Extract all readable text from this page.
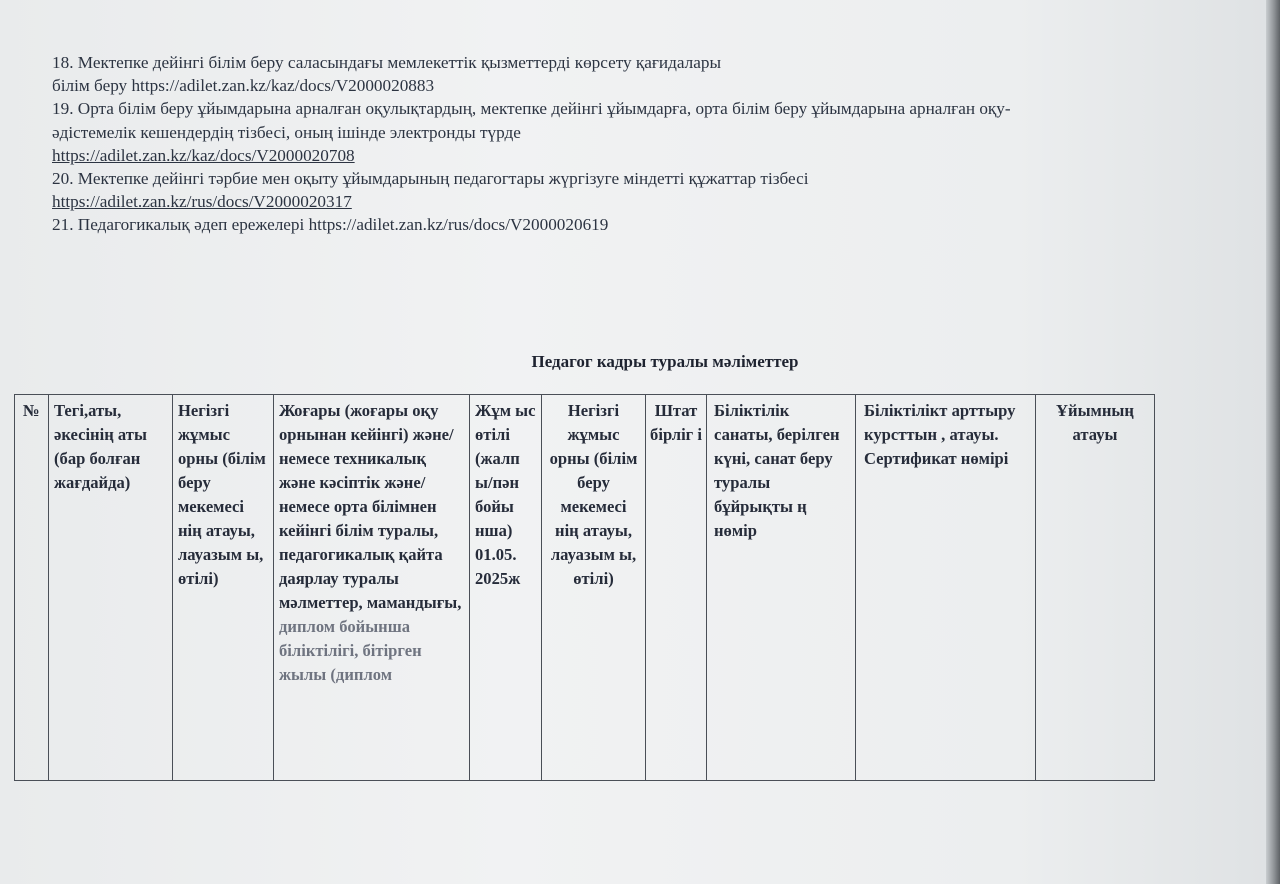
18. Мектепке дейінгі білім беру саласындағы мемлекеттік қызметтерді көрсету қағидалары
білім беру https://adilet.zan.kz/kaz/docs/V2000020883
19. Орта білім беру ұйымдарына арналған оқулықтардың, мектепке дейінгі ұйымдарға, орта білім беру ұйымдарына арналған оқу-
әдістемелік кешендердің тізбесі, оның ішінде электронды түрде
https://adilet.zan.kz/kaz/docs/V2000020708
20. Мектепке дейінгі тәрбие мен оқыту ұйымдарының педагогтары жүргізуге міндетті құжаттар тізбесі
https://adilet.zan.kz/rus/docs/V2000020317
21. Педагогикалық әдеп ережелері https://adilet.zan.kz/rus/docs/V2000020619
Педагог кадры туралы мәліметтер
№	Тегі,аты, әкесінің аты (бар болған жағдайда)	Негізгі жұмыс орны (білім беру мекемесі нің атауы, лауазым ы, өтілі)	Жоғары (жоғары оқу орнынан кейінгі) және/немесе техникалық және кәсіптік және/немесе орта білімнен кейінгі білім туралы, педагогикалық қайта даярлау туралы мәлметтер, мамандығы, диплом бойынша біліктілігі, бітірген жылы (диплом	Жұм ыс өтілі (жалп ы/пән бойы нша) 01.05. 2025ж	Негізгі жұмыс орны (білім беру мекемесі нің атауы, лауазым ы, өтілі)	Штат бірліг і	Біліктілік санаты, берілген күні, санат беру туралы бұйрықты ң нөмір	Біліктілікт арттыру курсттын , атауы. Сертификат нөмірі	Ұйымның атауы
